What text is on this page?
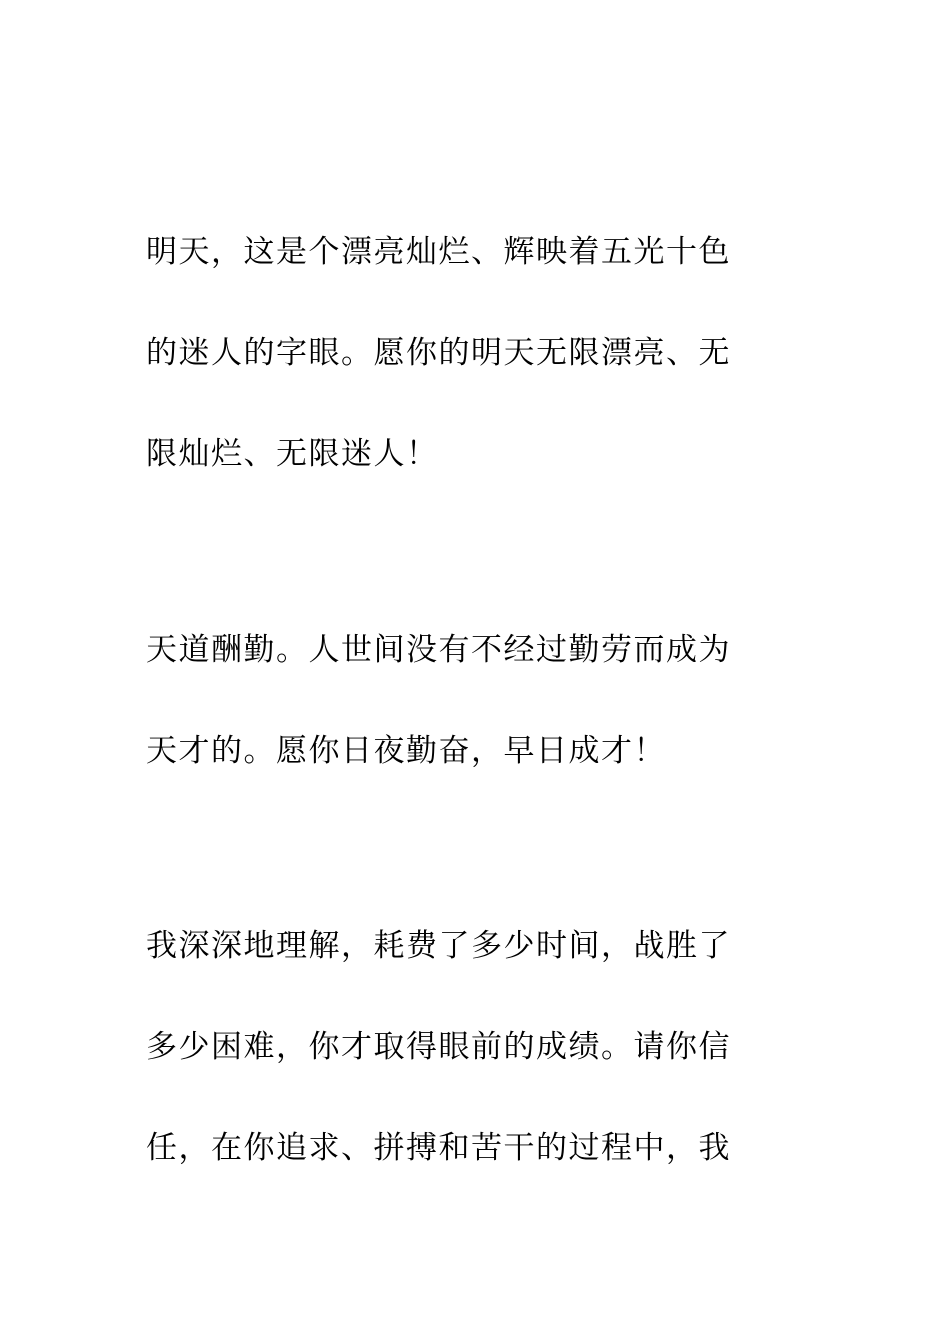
明天，这是个漂亮灿烂、辉映着五光十色
的迷人的字眼。愿你的明天无限漂亮、无
限灿烂、无限迷人！
天道酬勤。人世间没有不经过勤劳而成为
天才的。愿你日夜勤奋，早日成才！
我深深地理解，耗费了多少时间，战胜了
多少困难，你才取得眼前的成绩。请你信
任，在你追求、拼搏和苦干的过程中，我
